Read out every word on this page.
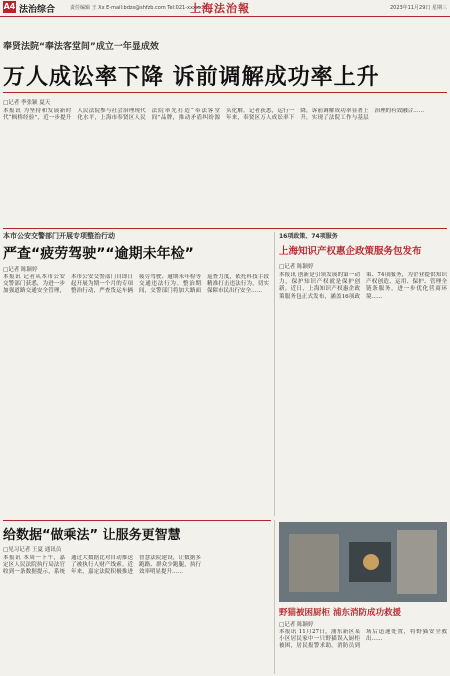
A4 法治综合	责任编辑 王 Xx E-mail:bdzs@shfzb.com Tel:021-xxxxxxx
上海法治報	2023年11月29日 星期三
奉贤法院“奉法客堂间”成立一年显成效
万人成讼率下降 诉前调解成功率上升
□记者 季张颖 夏天
本报讯 为坚持和发展新时代“枫桥经验”，近一步提升人民法院参与社会治理现代化水平，上海市奉贤区人民法院率先打造“奉法客堂间”品牌，推动矛盾纠纷源头化解。记者获悉，运行一年来，奉贤区万人成讼率下降，诉前调解成功率显著上升，实现了法院工作与基层治理的有效融合……
本市公安交警部门开展专项整治行动
严查“疲劳驾驶”“逾期未年检”
□记者 陈颖婷
本报讯 记者从本市公安交警部门获悉，为进一步加强道路交通安全管理，本市公安交警部门自即日起开展为期一个月的专项整治行动，严查货运车辆疲劳驾驶、逾期未年检等交通违法行为。整治期间，交警部门将加大路面巡查力度，依托科技手段精准打击违法行为，切实保障市民出行安全……
16项政策、74项服务
上海知识产权惠企政策服务包发布
□记者 陈颖婷
本报讯 创新是引领发展的第一动力，保护知识产权就是保护创新。近日，上海知识产权惠企政策服务包正式发布，涵盖16项政策、74项服务，为企业提供知识产权创造、运用、保护、管理全链条服务，进一步优化营商环境……
给数据“做乘法” 让服务更智慧
□见习记者 王夏 通讯员
本报讯 本周一下午，嘉定区人民法院执行局法官收到一条数据提示，系统通过大数据比对自动推送了被执行人财产线索。近年来，嘉定法院积极推进智慧法院建设，让数据多跑路、群众少跑腿，执行效率明显提升……
野猫被困厨柜 浦东消防成功救援
□记者 陈颖婷
本报讯 11月27日，浦东新区某小区居民家中一只野猫误入厨柜被困，居民报警求助。消防员到场后迅速处置，将野猫安全救出……
